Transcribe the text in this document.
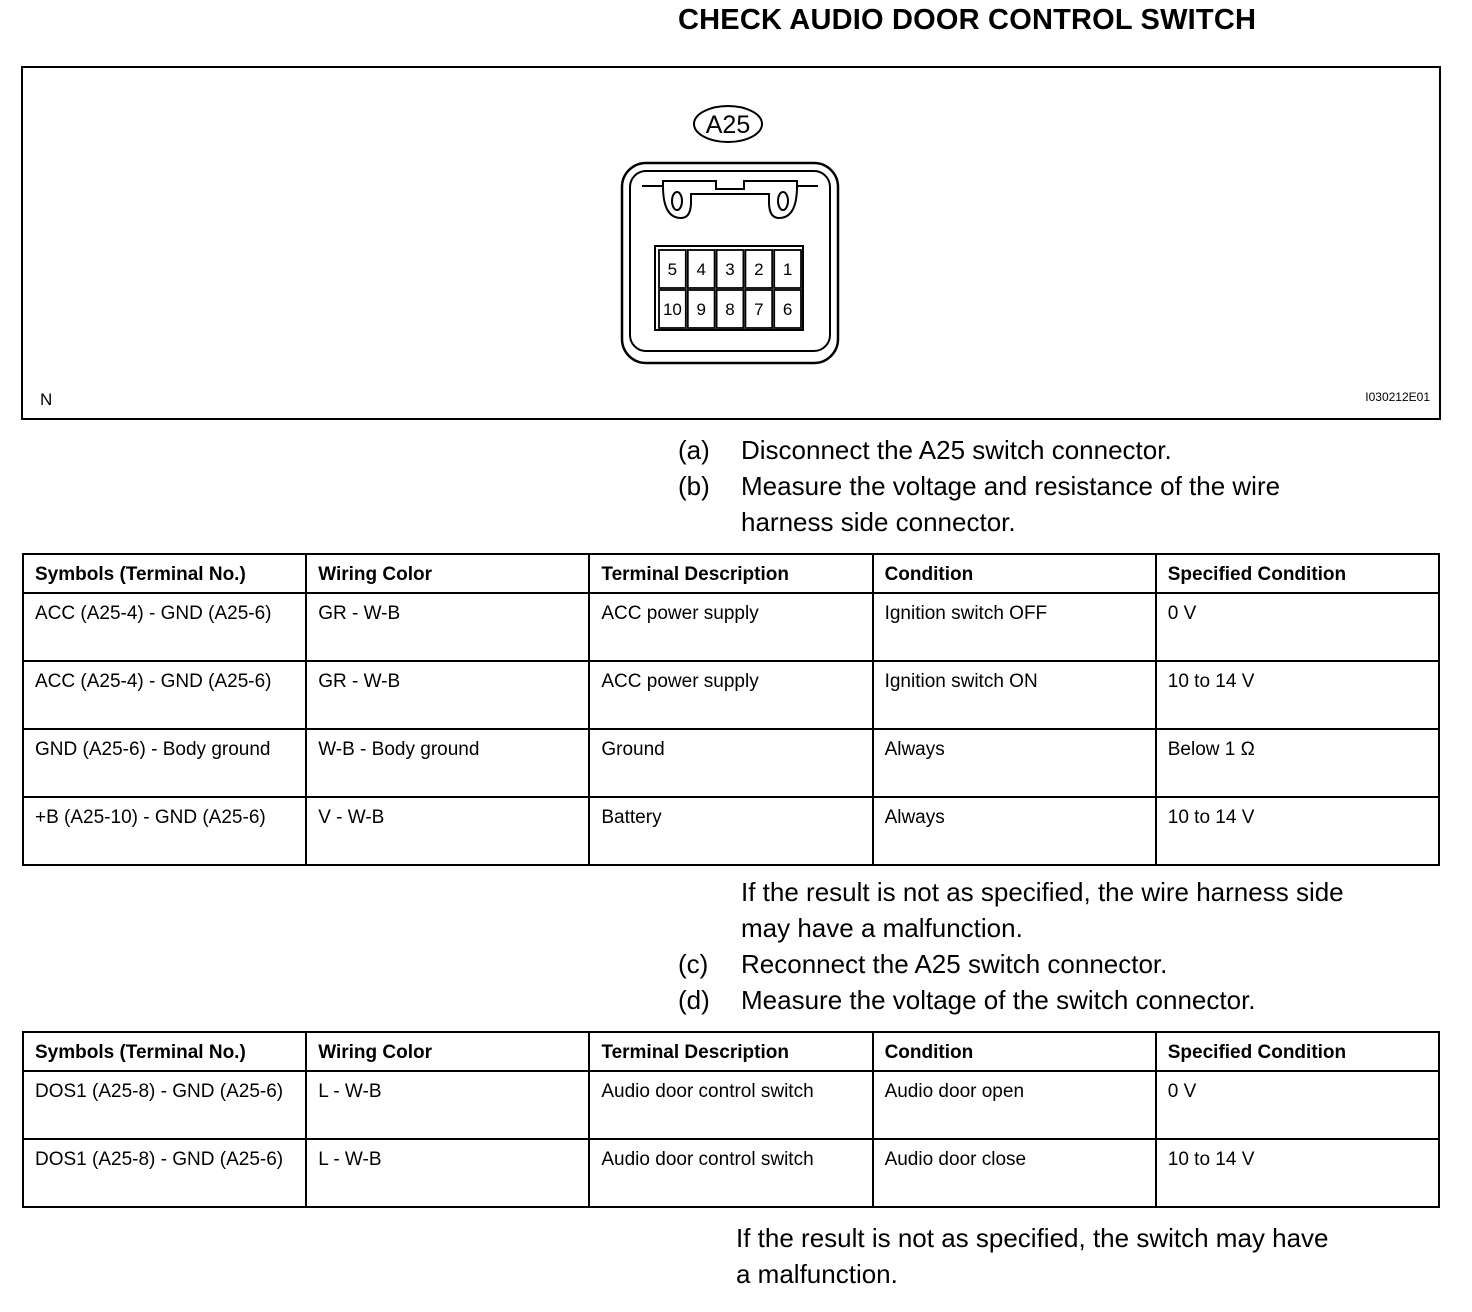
CHECK AUDIO DOOR CONTROL SWITCH
A25
5 4 3 2 1
10 9 8 7 6
N	I030212E01
(a) Disconnect the A25 switch connector.
(b) Measure the voltage and resistance of the wire
harness side connector.
Symbols (Terminal No.)	Wiring Color	Terminal Description	Condition	Specified Condition
ACC (A25-4) - GND (A25-6)	GR - W-B	ACC power supply	Ignition switch OFF	0 V
ACC (A25-4) - GND (A25-6)	GR - W-B	ACC power supply	Ignition switch ON	10 to 14 V
GND (A25-6) - Body ground	W-B - Body ground	Ground	Always	Below 1 Ω
+B (A25-10) - GND (A25-6)	V - W-B	Battery	Always	10 to 14 V
If the result is not as specified, the wire harness side
may have a malfunction.
(c) Reconnect the A25 switch connector.
(d) Measure the voltage of the switch connector.
Symbols (Terminal No.)	Wiring Color	Terminal Description	Condition	Specified Condition
DOS1 (A25-8) - GND (A25-6)	L - W-B	Audio door control switch	Audio door open	0 V
DOS1 (A25-8) - GND (A25-6)	L - W-B	Audio door control switch	Audio door close	10 to 14 V
If the result is not as specified, the switch may have
a malfunction.
